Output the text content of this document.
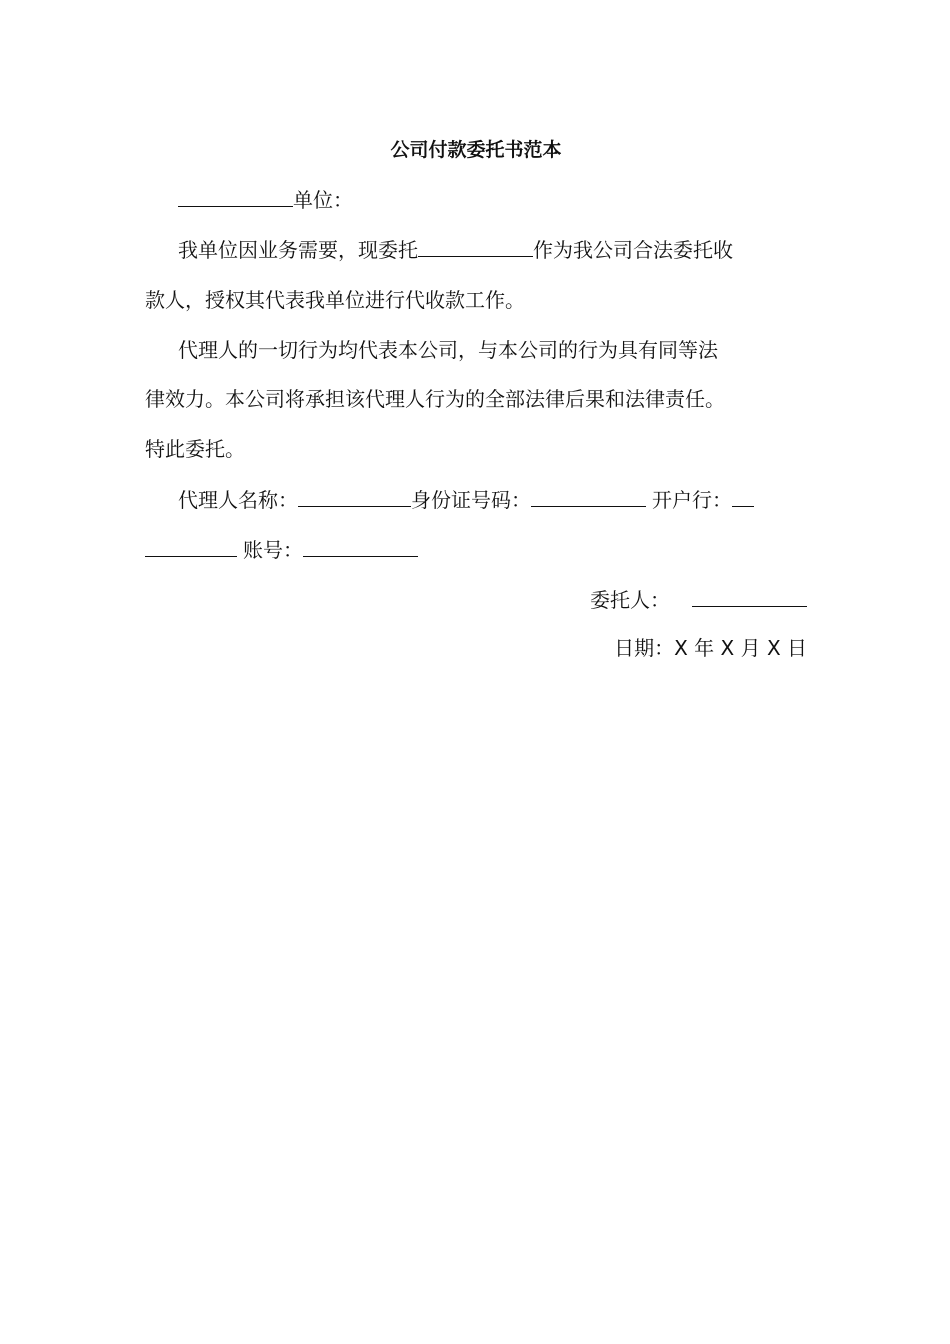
公司付款委托书范本
单位：
我单位因业务需要，现委托	作为我公司合法委托收
款人，授权其代表我单位进行代收款工作。
代理人的一切行为均代表本公司，与本公司的行为具有同等法
律效力。本公司将承担该代理人行为的全部法律后果和法律责任。
特此委托。
代理人名称：	身份证号码：	开户行：
账号：
委托人：
日期：X 年 X 月 X 日
